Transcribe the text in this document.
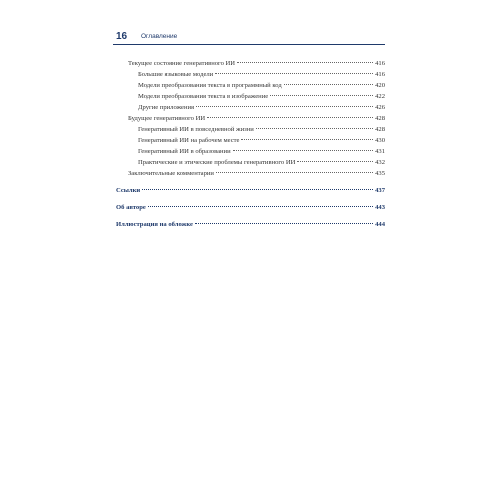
16 Оглавление
Текущее состояние генеративного ИИ	416
Большие языковые модели	416
Модели преобразования текста в программный код	420
Модели преобразования текста в изображение	422
Другие приложения	426
Будущее генеративного ИИ	428
Генеративный ИИ в повседневной жизни	428
Генеративный ИИ на рабочем месте	430
Генеративный ИИ в образовании	431
Практические и этические проблемы генеративного ИИ	432
Заключительные комментарии	435
Ссылки	437
Об авторе	443
Иллюстрация на обложке	444
